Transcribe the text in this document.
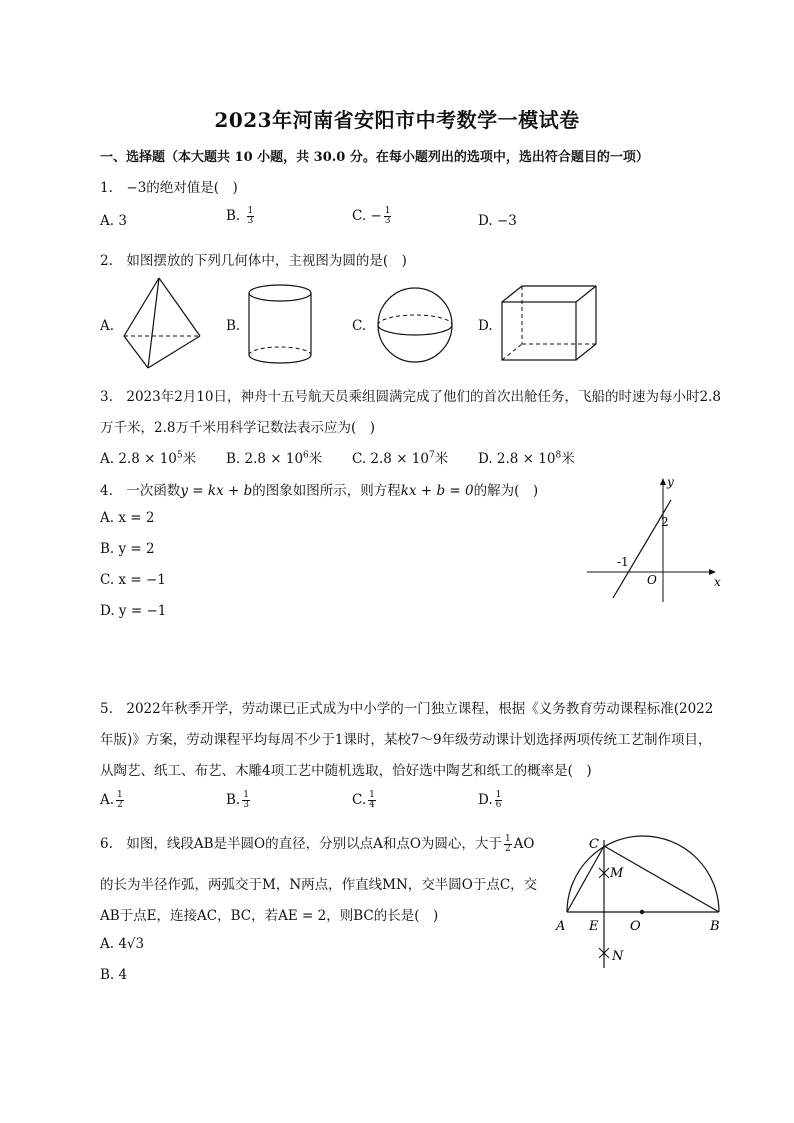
2023年河南省安阳市中考数学一模试卷
一、选择题（本大题共 10 小题，共 30.0 分。在每小题列出的选项中，选出符合题目的一项）
1.　−3的绝对值是(　)
A. 3	B. $\frac{1}{3}$	C. − $\frac{1}{3}$	D. −3
2.　如图摆放的下列几何体中，主视图为圆的是(　)
A.	B.	C.	D.
3.　2023年2月10日，神舟十五号航天员乘组圆满完成了他们的首次出舱任务，飞船的时速为每小时2.8
万千米，2.8万千米用科学记数法表示应为(　)
A. $2.8 \times 10^5$米 B. $2.8 \times 10^6$米 C. $2.8 \times 10^7$米 D. $2.8 \times 10^8$米
4.　一次函数y = kx + b的图象如图所示，则方程kx + b = 0的解为(　)
A. x = 2
B. y = 2
C. x = −1
D. y = −1
y
x
O
2
-1
5.　2022年秋季开学，劳动课已正式成为中小学的一门独立课程，根据《义务教育劳动课程标准(2022
年版)》方案，劳动课程平均每周不少于1课时，某校7～9年级劳动课计划选择两项传统工艺制作项目，
从陶艺、纸工、布艺、木雕4项工艺中随机选取，恰好选中陶艺和纸工的概率是(　)
A. $\frac{1}{2}$	B. $\frac{1}{3}$	C. $\frac{1}{4}$	D. $\frac{1}{6}$
6.　如图，线段AB是半圆O的直径，分别以点A和点O为圆心，大于 $\frac{1}{2}$ AO
的长为半径作弧，两弧交于M，N两点，作直线MN，交半圆O于点C，交
AB于点E，连接AC，BC，若AE = 2，则BC的长是(　)
A. 4√3
B. 4
C
M
A E O	B
N
